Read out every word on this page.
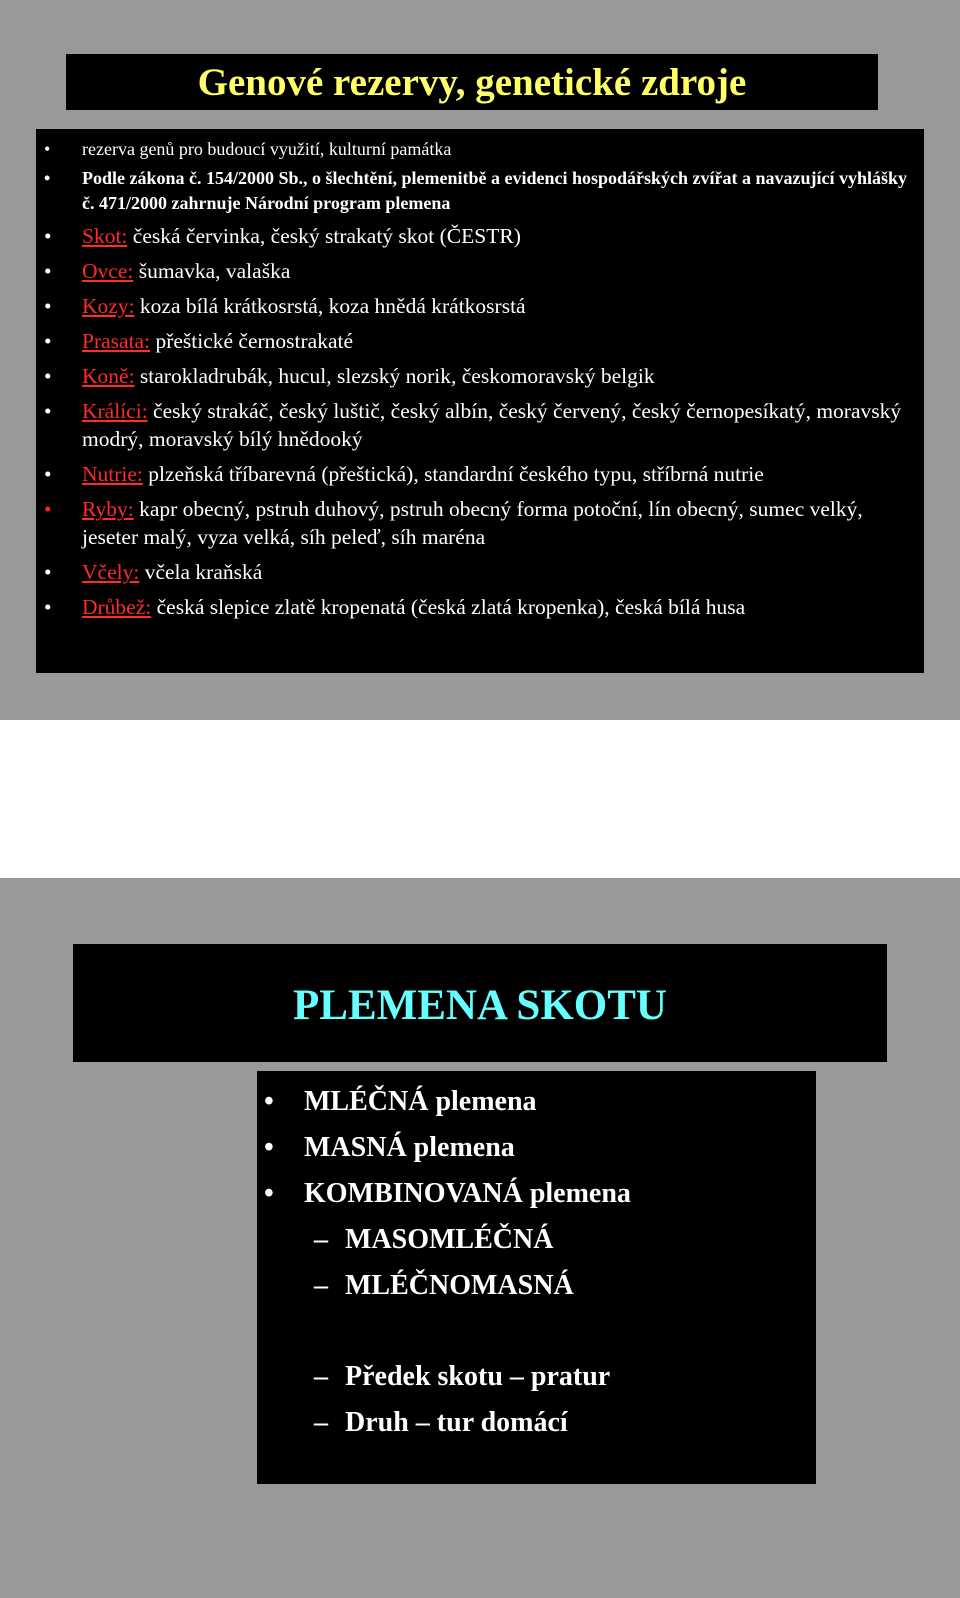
Genové rezervy, genetické zdroje
• rezerva genů pro budoucí využití, kulturní památka
• Podle zákona č. 154/2000 Sb., o šlechtění, plemenitbě a evidenci hospodářských zvířat a navazující vyhlášky č. 471/2000 zahrnuje Národní program plemena
• Skot: česká červinka, český strakatý skot (ČESTR)
• Ovce: šumavka, valaška
• Kozy: koza bílá krátkosrstá, koza hnědá krátkosrstá
• Prasata: přeštické černostrakaté
• Koně: starokladrubák, hucul, slezský norik, českomoravský belgik
• Králíci: český strakáč, český luštič, český albín, český červený, český černopesíkatý, moravský modrý, moravský bílý hnědooký
• Nutrie: plzeňská tříbarevná (přeštická), standardní českého typu, stříbrná nutrie
• Ryby: kapr obecný, pstruh duhový, pstruh obecný forma potoční, lín obecný, sumec velký, jeseter malý, vyza velká, síh peleď, síh maréna
• Včely: včela kraňská
• Drůbež: česká slepice zlatě kropenatá (česká zlatá kropenka), česká bílá husa
PLEMENA SKOTU
• MLÉČNÁ plemena
• MASNÁ plemena
• KOMBINOVANÁ plemena
– MASOMLÉČNÁ
– MLÉČNOMASNÁ
– Předek skotu – pratur
– Druh – tur domácí
